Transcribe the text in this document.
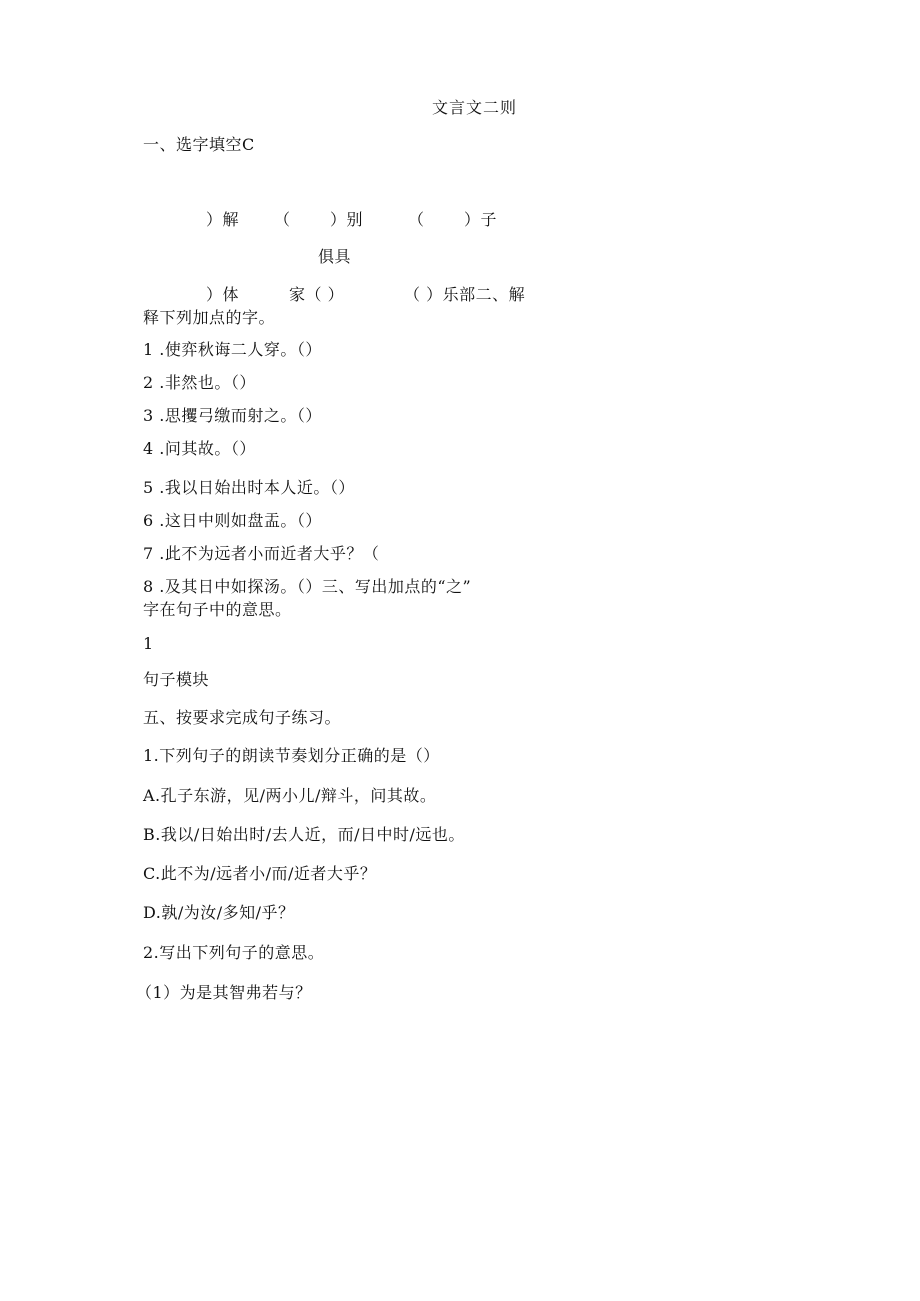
文言文二则
一、选字填空C
）解 （ ）别	（ ）子
俱具
）体	家（ ）	（ ）乐部二、解
释下列加点的字。
1 .使弈秋诲二人穿。（）
2 .非然也。（）
3 .思攫弓缴而射之。（）
4 .问其故。（）
5 .我以日始出时本人近。（）
6 .这日中则如盘盂。（）
7 .此不为远者小而近者大乎？（
8 .及其日中如探汤。（）三、写出加点的“之”
字在句子中的意思。
1
句子模块
五、按要求完成句子练习。
1.下列句子的朗读节奏划分正确的是（）
A.孔子东游，见/两小儿/辩斗，问其故。
B.我以/日始出时/去人近，而/日中时/远也。
C.此不为/远者小/而/近者大乎？
D.孰/为汝/多知/乎？
2.写出下列句子的意思。
（1）为是其智弗若与？
